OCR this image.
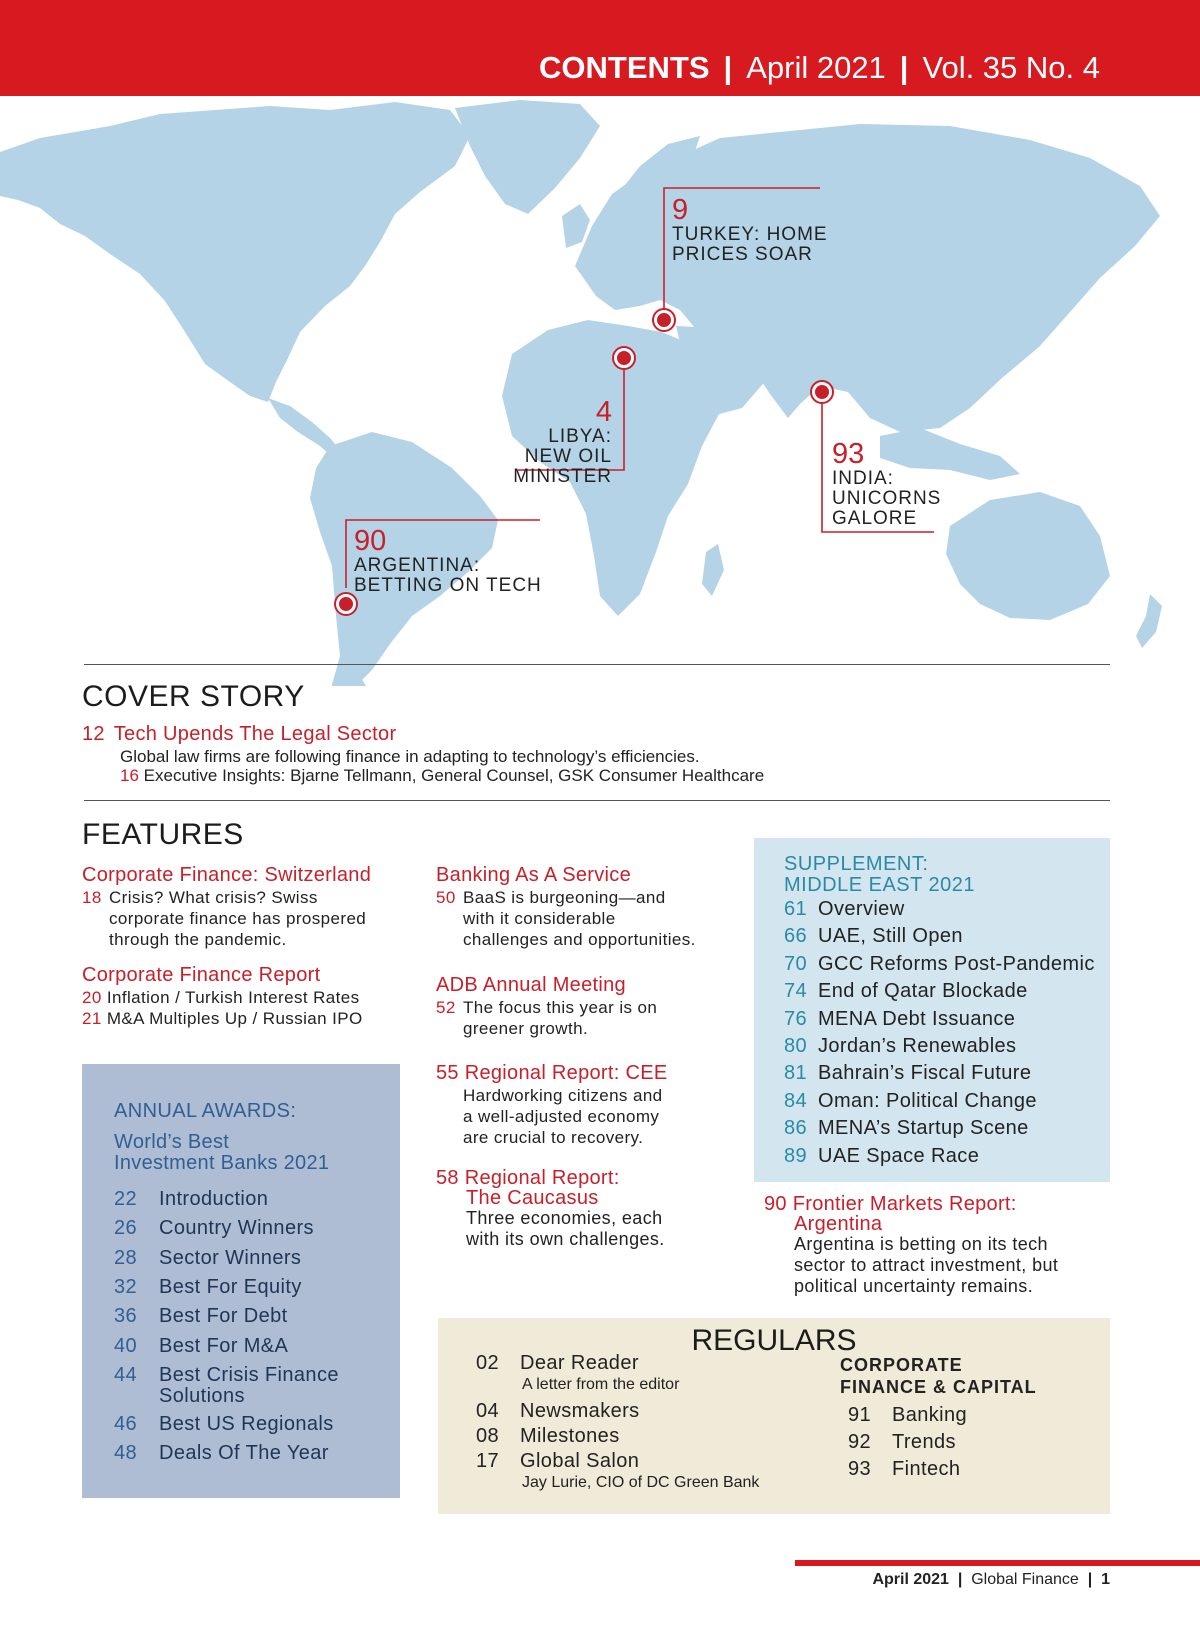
CONTENTS | April 2021 | Vol. 35 No. 4
9
TURKEY: HOME
PRICES SOAR
4
LIBYA:
NEW OIL
MINISTER
93
INDIA:
UNICORNS
GALORE
90
ARGENTINA:
BETTING ON TECH
COVER STORY
12 Tech Upends The Legal Sector
Global law firms are following finance in adapting to technology’s efficiencies.
16 Executive Insights: Bjarne Tellmann, General Counsel, GSK Consumer Healthcare
FEATURES
Corporate Finance: Switzerland
18 Crisis? What crisis? Swiss
corporate finance has prospered
through the pandemic.
Corporate Finance Report
20 Inflation / Turkish Interest Rates
21 M&A Multiples Up / Russian IPO
Banking As A Service
50 BaaS is burgeoning—and
with it considerable
challenges and opportunities.
ADB Annual Meeting
52 The focus this year is on
greener growth.
55 Regional Report: CEE
Hardworking citizens and
a well-adjusted economy
are crucial to recovery.
58 Regional Report:
The Caucasus
Three economies, each
with its own challenges.
SUPPLEMENT:
MIDDLE EAST 2021
61 Overview
66 UAE, Still Open
70 GCC Reforms Post-Pandemic
74 End of Qatar Blockade
76 MENA Debt Issuance
80 Jordan’s Renewables
81 Bahrain’s Fiscal Future
84 Oman: Political Change
86 MENA’s Startup Scene
89 UAE Space Race
90 Frontier Markets Report:
Argentina
Argentina is betting on its tech
sector to attract investment, but
political uncertainty remains.
ANNUAL AWARDS:
World’s Best
Investment Banks 2021
22 Introduction
26 Country Winners
28 Sector Winners
32 Best For Equity
36 Best For Debt
40 Best For M&A
44 Best Crisis Finance
Solutions
46 Best US Regionals
48 Deals Of The Year
REGULARS
02 Dear Reader
A letter from the editor
04 Newsmakers
08 Milestones
17 Global Salon
Jay Lurie, CIO of DC Green Bank
CORPORATE
FINANCE & CAPITAL
91 Banking
92 Trends
93 Fintech
April 2021 | Global Finance | 1
